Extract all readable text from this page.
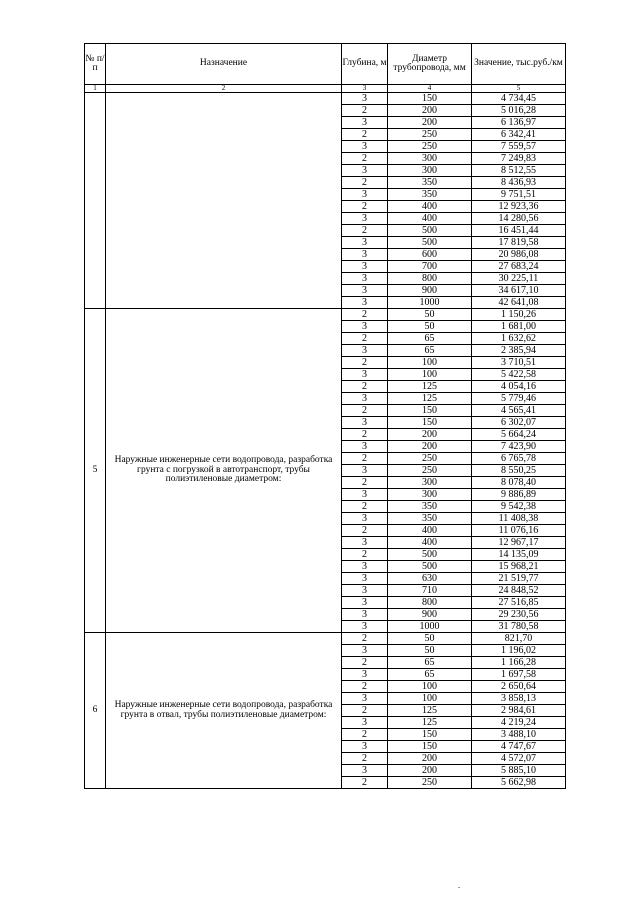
№ п/п	Назначение	Глубина, м	Диаметр трубопровода, мм	Значение, тыс.руб./км
1	2	3	4	5
		3	150	4 734,45
		2	200	5 016,28
		3	200	6 136,97
		2	250	6 342,41
		3	250	7 559,57
		2	300	7 249,83
		3	300	8 512,55
		2	350	8 436,93
		3	350	9 751,51
		2	400	12 923,36
		3	400	14 280,56
		2	500	16 451,44
		3	500	17 819,58
		3	600	20 986,08
		3	700	27 683,24
		3	800	30 225,11
		3	900	34 617,10
		3	1000	42 641,08
5	Наружные инженерные сети водопровода, разработка грунта с погрузкой в автотранспорт, трубы полиэтиленовые диаметром:	2	50	1 150,26
		3	50	1 681,00
		2	65	1 632,62
		3	65	2 385,94
		2	100	3 710,51
		3	100	5 422,58
		2	125	4 054,16
		3	125	5 779,46
		2	150	4 565,41
		3	150	6 302,07
		2	200	5 664,24
		3	200	7 423,90
		2	250	6 765,78
		3	250	8 550,25
		2	300	8 078,40
		3	300	9 886,89
		2	350	9 542,38
		3	350	11 408,38
		2	400	11 076,16
		3	400	12 967,17
		2	500	14 135,09
		3	500	15 968,21
		3	630	21 519,77
		3	710	24 848,52
		3	800	27 516,85
		3	900	29 230,56
		3	1000	31 780,58
6	Наружные инженерные сети водопровода, разработка грунта в отвал, трубы полиэтиленовые диаметром:	2	50	821,70
		3	50	1 196,02
		2	65	1 166,28
		3	65	1 697,58
		2	100	2 650,64
		3	100	3 858,13
		2	125	2 984,61
		3	125	4 219,24
		2	150	3 488,10
		3	150	4 747,67
		2	200	4 572,07
		3	200	5 885,10
		2	250	5 662,98
